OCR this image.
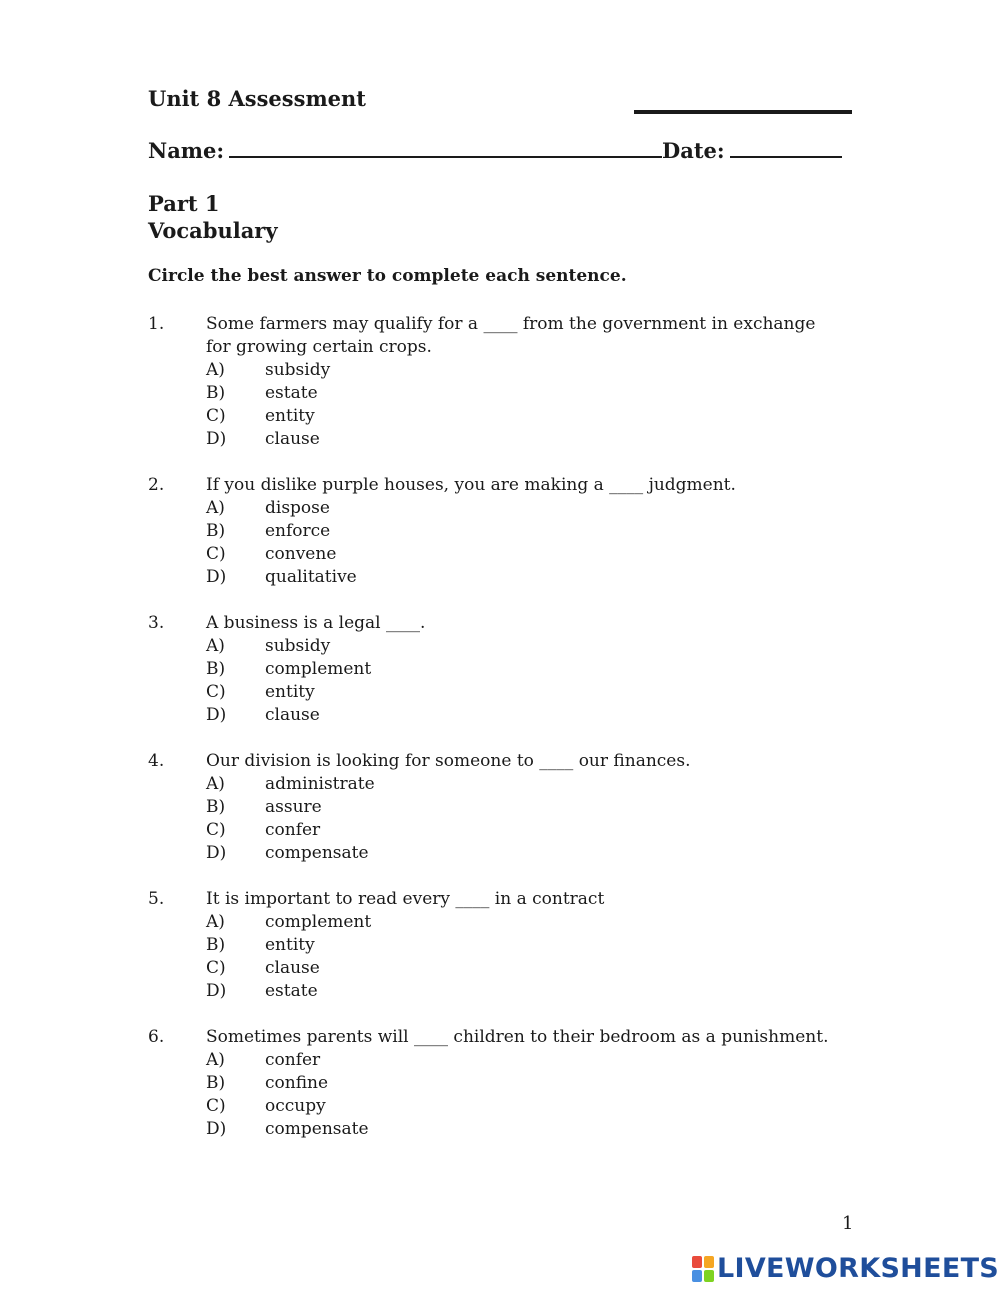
Unit 8 Assessment
Name:	Date:
Part 1
Vocabulary
Circle the best answer to complete each sentence.
1. Some farmers may qualify for a ____ from the government in exchange for growing certain crops.
A)	subsidy
B)	estate
C)	entity
D)	clause
2. If you dislike purple houses, you are making a ____ judgment.
A)	dispose
B)	enforce
C)	convene
D)	qualitative
3. A business is a legal ____.
A)	subsidy
B)	complement
C)	entity
D)	clause
4. Our division is looking for someone to ____ our finances.
A)	administrate
B)	assure
C)	confer
D)	compensate
5. It is important to read every ____ in a contract
A)	complement
B)	entity
C)	clause
D)	estate
6. Sometimes parents will ____ children to their bedroom as a punishment.
A)	confer
B)	confine
C)	occupy
D)	compensate
1
LIVEWORKSHEETS
